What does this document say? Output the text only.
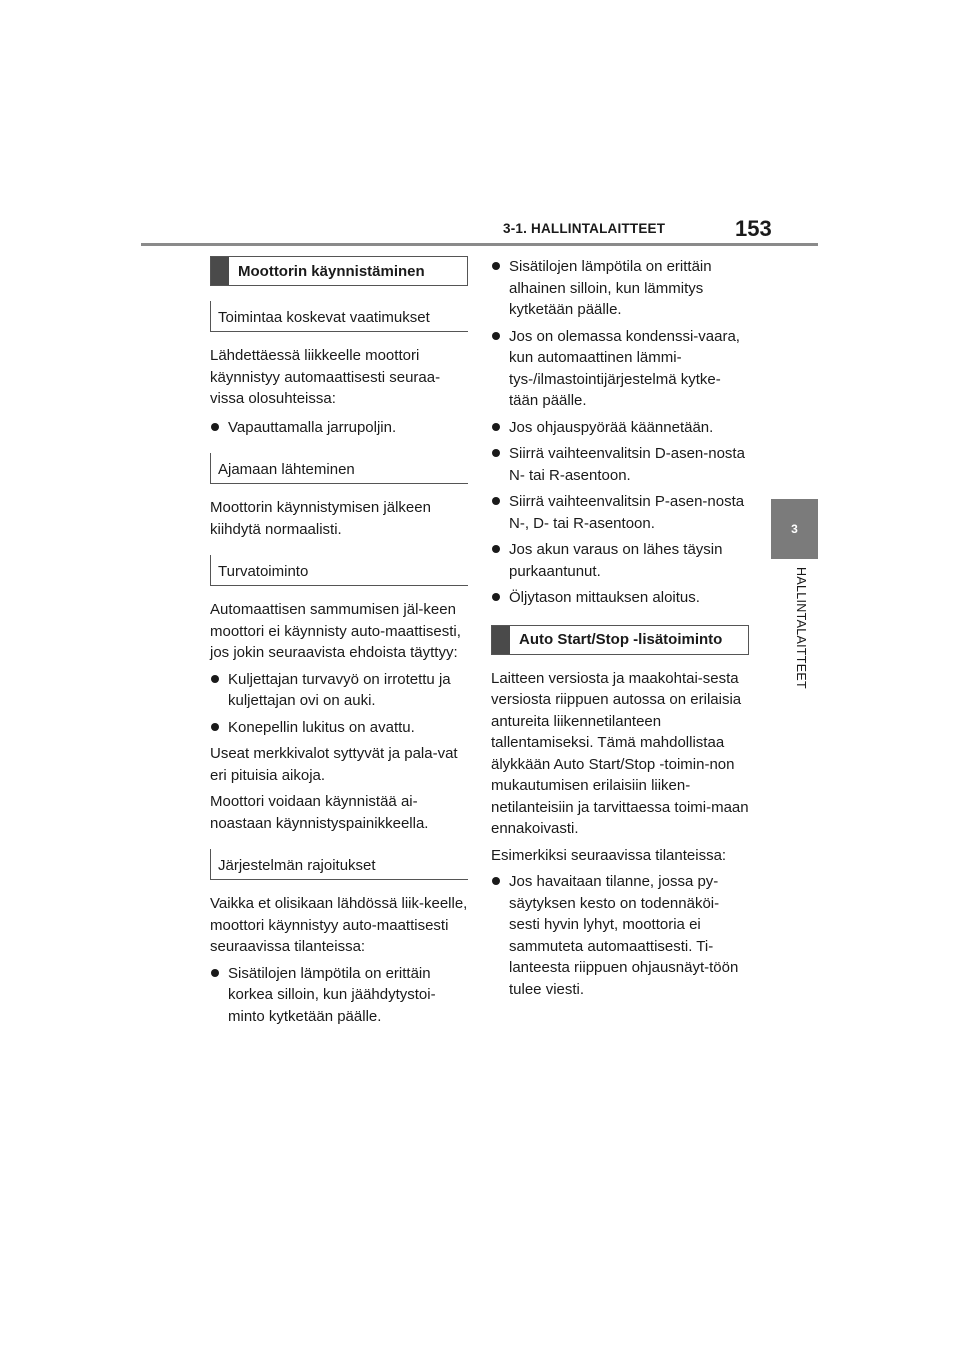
3-1. HALLINTALAITTEET	153
3
HALLINTALAITTEET
Moottorin käynnistäminen
Toimintaa koskevat vaatimukset

Lähdettäessä liikkeelle moottori käynnistyy automaattisesti seuraa-vissa olosuhteissa:

Vapauttamalla jarrupoljin.
Ajamaan lähteminen

Moottorin käynnistymisen jälkeen kiihdytä normaalisti.

Turvatoiminto

Automaattisen sammumisen jäl-keen moottori ei käynnisty auto-maattisesti, jos jokin seuraavista ehdoista täyttyy:

Kuljettajan turvavyö on irrotettu ja kuljettajan ovi on auki.
Konepellin lukitus on avattu.

Useat merkkivalot syttyvät ja pala-vat eri pituisia aikoja.

Moottori voidaan käynnistää ai-noastaan käynnistyspainikkeella.

Järjestelmän rajoitukset

Vaikka et olisikaan lähdössä liik-keelle, moottori käynnistyy auto-maattisesti seuraavissa tilanteissa:

Sisätilojen lämpötila on erittäin korkea silloin, kun jäähdytystoi-minto kytketään päälle.
Sisätilojen lämpötila on erittäin alhainen silloin, kun lämmitys kytketään päälle.
Jos on olemassa kondenssi-vaara, kun automaattinen lämmi-tys-/ilmastointijärjestelmä kytke-tään päälle.
Jos ohjauspyörää käännetään.
Siirrä vaihteenvalitsin D-asen-nosta N- tai R-asentoon.
Siirrä vaihteenvalitsin P-asen-nosta N-, D- tai R-asentoon.
Jos akun varaus on lähes täysin purkaantunut.
Öljytason mittauksen aloitus.
Auto Start/Stop -lisätoiminto

Laitteen versiosta ja maakohtai-sesta versiosta riippuen autossa on erilaisia antureita liikennetilanteen tallentamiseksi. Tämä mahdollistaa älykkään Auto Start/Stop -toimin-non mukautumisen erilaisiin liiken-netilanteisiin ja tarvittaessa toimi-maan ennakoivasti.

Esimerkiksi seuraavissa tilanteissa:

Jos havaitaan tilanne, jossa py-säytyksen kesto on todennäköi-sesti hyvin lyhyt, moottoria ei sammuteta automaattisesti. Ti-lanteesta riippuen ohjausnäyt-töön tulee viesti.
